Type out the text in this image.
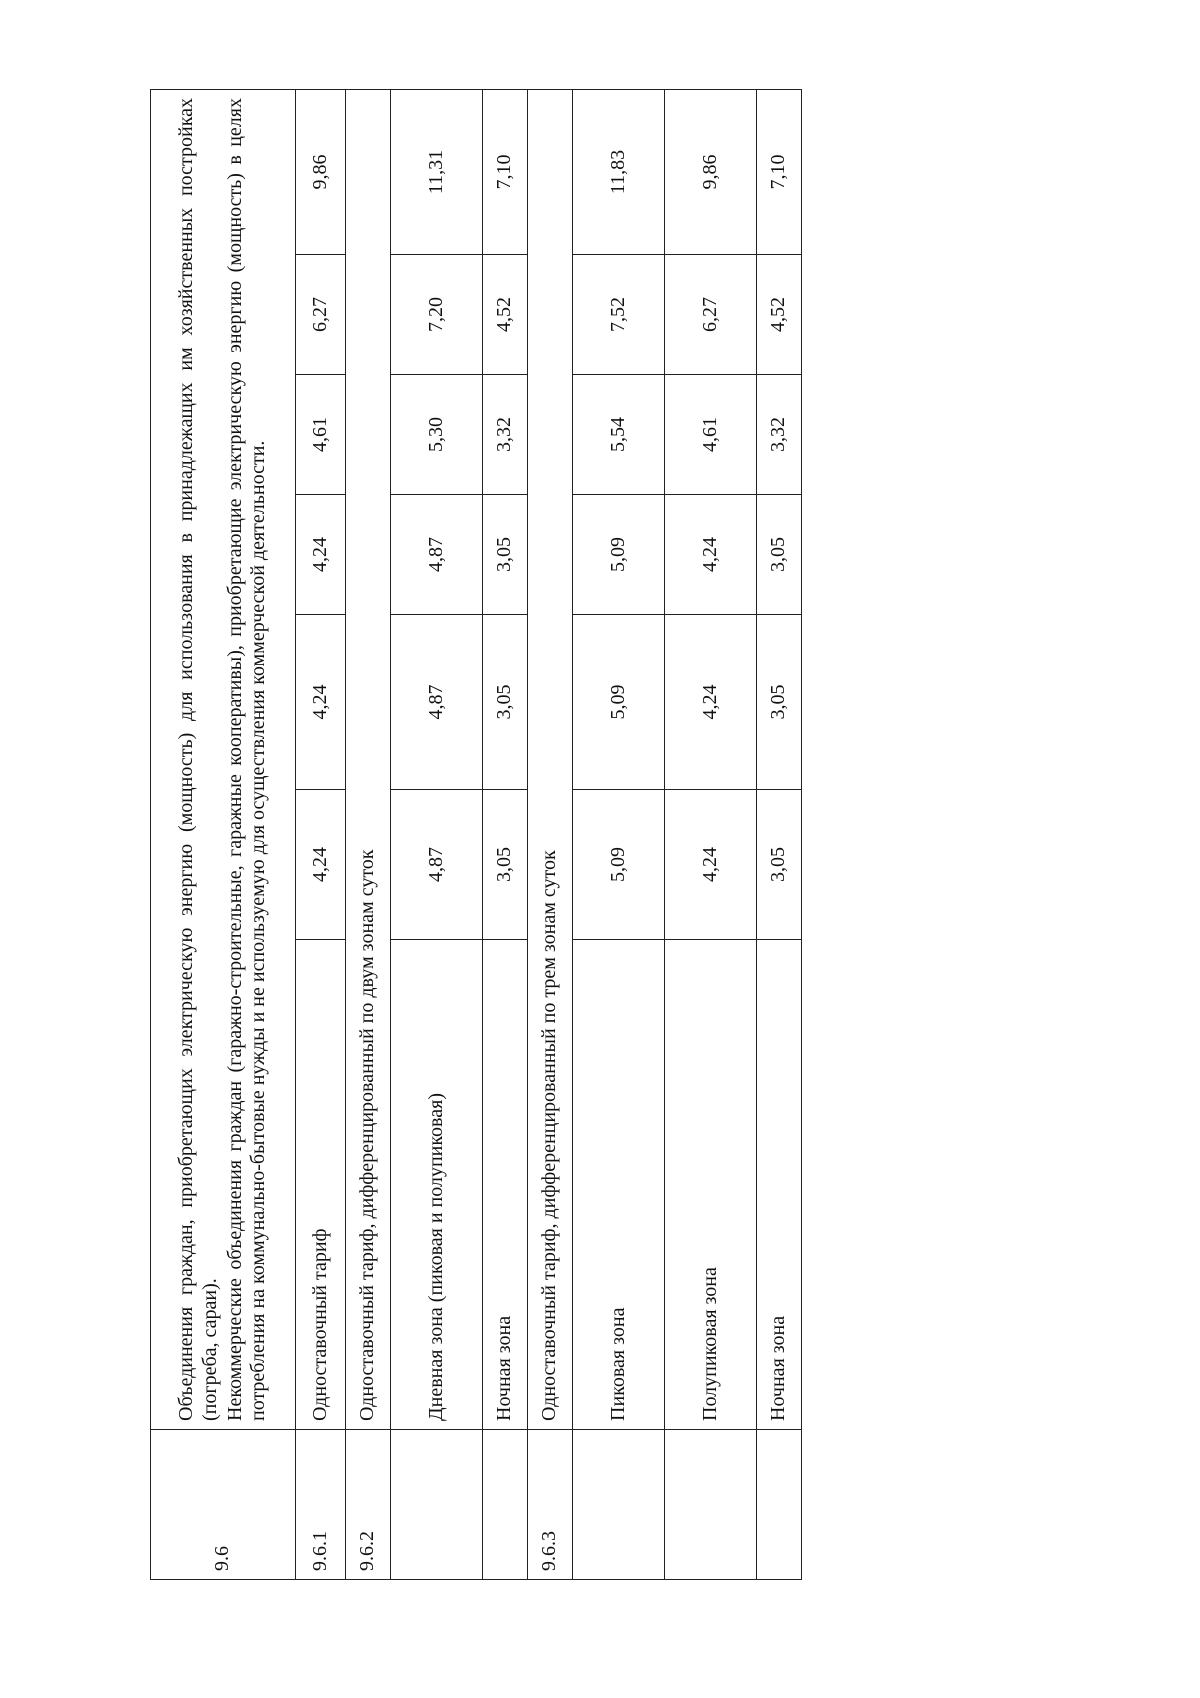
9.6	Объединения граждан, приобретающих электрическую энергию (мощность) для использования в принадлежащих им хозяйственных постройках (погреба, сараи). Некоммерческие объединения граждан (гаражно-строительные, гаражные кооперативы), приобретающие электрическую энергию (мощность) в целях потребления на коммунально-бытовые нужды и не используемую для осуществления коммерческой деятельности.						

9.6.1	Одноставочный тариф	4,24	4,24	4,24	4,61	6,27	9,86
9.6.2	Одноставочный тариф, дифференцированный по двум зонам суток						
	Дневная зона (пиковая и полупиковая)	4,87	4,87	4,87	5,30	7,20	11,31
	Ночная зона	3,05	3,05	3,05	3,32	4,52	7,10
9.6.3	Одноставочный тариф, дифференцированный по трем зонам суток						
	Пиковая зона	5,09	5,09	5,09	5,54	7,52	11,83
	Полупиковая зона	4,24	4,24	4,24	4,61	6,27	9,86
	Ночная зона	3,05	3,05	3,05	3,32	4,52	7,10
